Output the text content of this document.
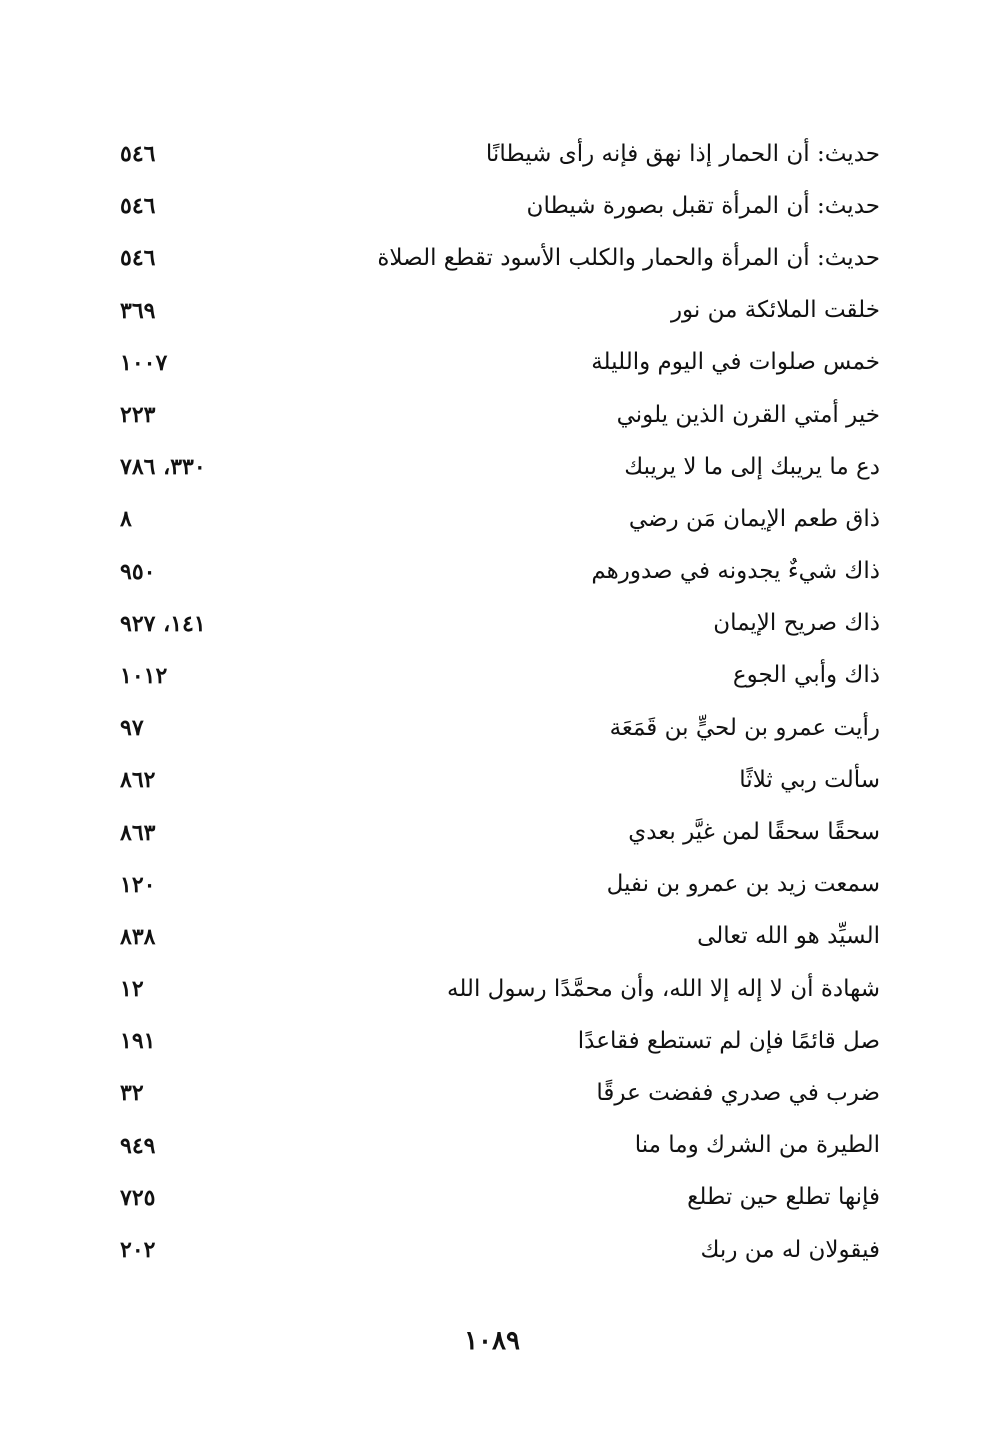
حديث: أن الحمار إذا نهق فإنه رأى شيطانًا
٥٤٦
حديث: أن المرأة تقبل بصورة شيطان
٥٤٦
حديث: أن المرأة والحمار والكلب الأسود تقطع الصلاة
٥٤٦
خلقت الملائكة من نور
٣٦٩
خمس صلوات في اليوم والليلة
١٠٠٧
خير أمتي القرن الذين يلوني
٢٢٣
دع ما يريبك إلى ما لا يريبك
٣٣٠، ٧٨٦
ذاق طعم الإيمان مَن رضي
٨
ذاك شيءٌ يجدونه في صدورهم
٩٥٠
ذاك صريح الإيمان
١٤١، ٩٢٧
ذاك وأبي الجوع
١٠١٢
رأيت عمرو بن لحيٍّ بن قَمَعَة
٩٧
سألت ربي ثلاثًا
٨٦٢
سحقًا سحقًا لمن غيَّر بعدي
٨٦٣
سمعت زيد بن عمرو بن نفيل
١٢٠
السيِّد هو الله تعالى
٨٣٨
شهادة أن لا إله إلا الله، وأن محمَّدًا رسول الله
١٢
صل قائمًا فإن لم تستطع فقاعدًا
١٩١
ضرب في صدري ففضت عرقًا
٣٢
الطيرة من الشرك وما منا
٩٤٩
فإنها تطلع حين تطلع
٧٢٥
فيقولان له من ربك
٢٠٢
١٠٨٩
